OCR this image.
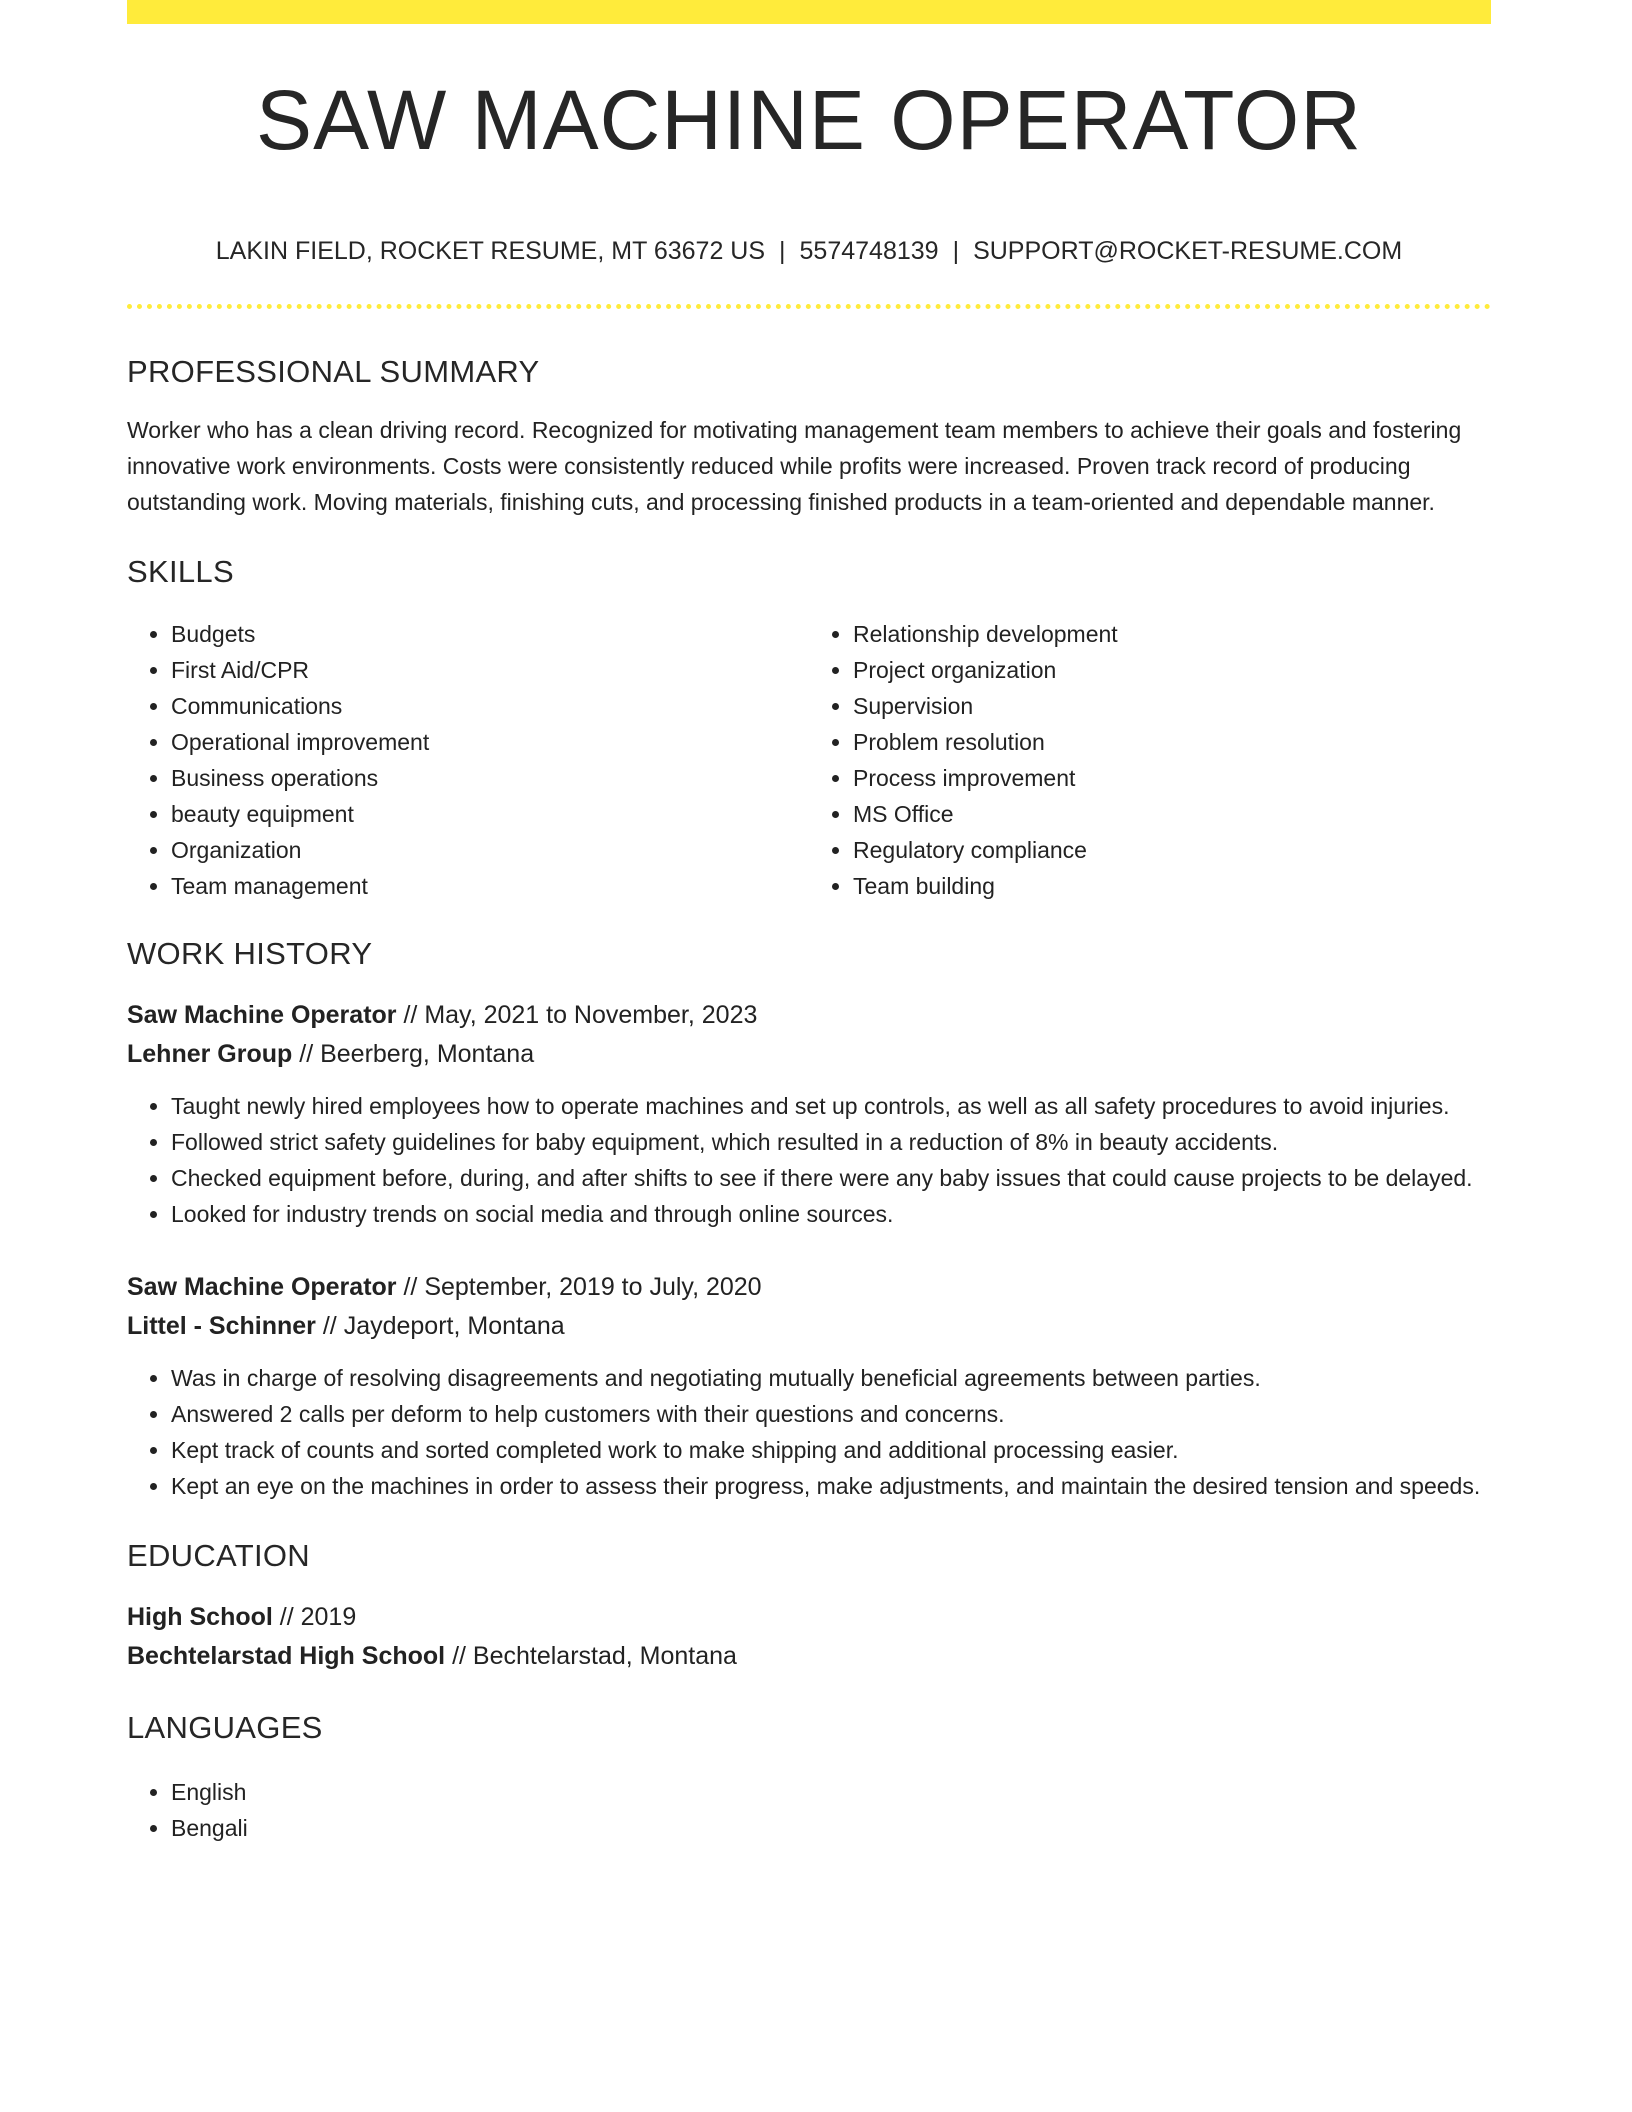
SAW MACHINE OPERATOR
LAKIN FIELD, ROCKET RESUME, MT 63672 US | 5574748139 | SUPPORT@ROCKET-RESUME.COM
PROFESSIONAL SUMMARY

Worker who has a clean driving record. Recognized for motivating management team members to achieve their goals and fostering innovative work environments. Costs were consistently reduced while profits were increased. Proven track record of producing outstanding work. Moving materials, finishing cuts, and processing finished products in a team-oriented and dependable manner.

SKILLS
• Budgets
• First Aid/CPR
• Communications
• Operational improvement
• Business operations
• beauty equipment
• Organization
• Team management
• Relationship development
• Project organization
• Supervision
• Problem resolution
• Process improvement
• MS Office
• Regulatory compliance
• Team building
WORK HISTORY
Saw Machine Operator // May, 2021 to November, 2023
Lehner Group // Beerberg, Montana
• Taught newly hired employees how to operate machines and set up controls, as well as all safety procedures to avoid injuries.
• Followed strict safety guidelines for baby equipment, which resulted in a reduction of 8% in beauty accidents.
• Checked equipment before, during, and after shifts to see if there were any baby issues that could cause projects to be delayed.
• Looked for industry trends on social media and through online sources.
Saw Machine Operator // September, 2019 to July, 2020
Littel - Schinner // Jaydeport, Montana
• Was in charge of resolving disagreements and negotiating mutually beneficial agreements between parties.
• Answered 2 calls per deform to help customers with their questions and concerns.
• Kept track of counts and sorted completed work to make shipping and additional processing easier.
• Kept an eye on the machines in order to assess their progress, make adjustments, and maintain the desired tension and speeds.
EDUCATION
High School // 2019
Bechtelarstad High School // Bechtelarstad, Montana
LANGUAGES
• English
• Bengali
